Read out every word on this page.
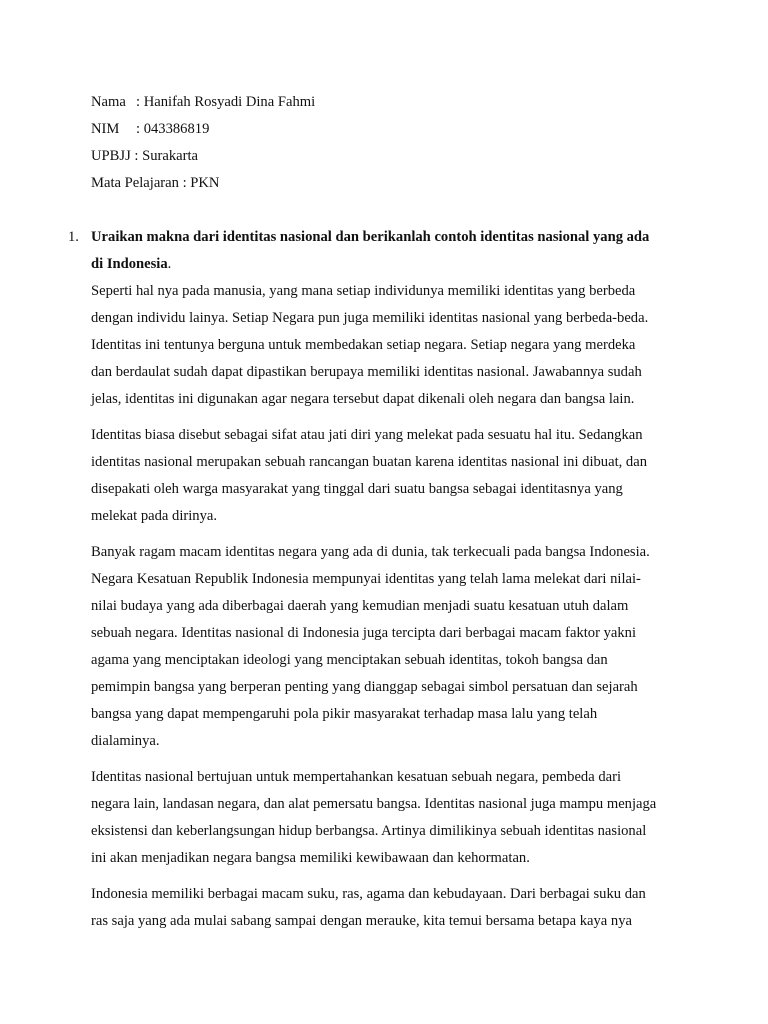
Nama : Hanifah Rosyadi Dina Fahmi
NIM : 043386819
UPBJJ : Surakarta
Mata Pelajaran : PKN
1. Uraikan makna dari identitas nasional dan berikanlah contoh identitas nasional yang ada
di Indonesia.
Seperti hal nya pada manusia, yang mana setiap individunya memiliki identitas yang berbeda
dengan individu lainya. Setiap Negara pun juga memiliki identitas nasional yang berbeda-beda.
Identitas ini tentunya berguna untuk membedakan setiap negara. Setiap negara yang merdeka
dan berdaulat sudah dapat dipastikan berupaya memiliki identitas nasional. Jawabannya sudah
jelas, identitas ini digunakan agar negara tersebut dapat dikenali oleh negara dan bangsa lain.
Identitas biasa disebut sebagai sifat atau jati diri yang melekat pada sesuatu hal itu. Sedangkan
identitas nasional merupakan sebuah rancangan buatan karena identitas nasional ini dibuat, dan
disepakati oleh warga masyarakat yang tinggal dari suatu bangsa sebagai identitasnya yang
melekat pada dirinya.
Banyak ragam macam identitas negara yang ada di dunia, tak terkecuali pada bangsa Indonesia.
Negara Kesatuan Republik Indonesia mempunyai identitas yang telah lama melekat dari nilai-
nilai budaya yang ada diberbagai daerah yang kemudian menjadi suatu kesatuan utuh dalam
sebuah negara. Identitas nasional di Indonesia juga tercipta dari berbagai macam faktor yakni
agama yang menciptakan ideologi yang menciptakan sebuah identitas, tokoh bangsa dan
pemimpin bangsa yang berperan penting yang dianggap sebagai simbol persatuan dan sejarah
bangsa yang dapat mempengaruhi pola pikir masyarakat terhadap masa lalu yang telah
dialaminya.
Identitas nasional bertujuan untuk mempertahankan kesatuan sebuah negara, pembeda dari
negara lain, landasan negara, dan alat pemersatu bangsa. Identitas nasional juga mampu menjaga
eksistensi dan keberlangsungan hidup berbangsa. Artinya dimilikinya sebuah identitas nasional
ini akan menjadikan negara bangsa memiliki kewibawaan dan kehormatan.
Indonesia memiliki berbagai macam suku, ras, agama dan kebudayaan. Dari berbagai suku dan
ras saja yang ada mulai sabang sampai dengan merauke, kita temui bersama betapa kaya nya
